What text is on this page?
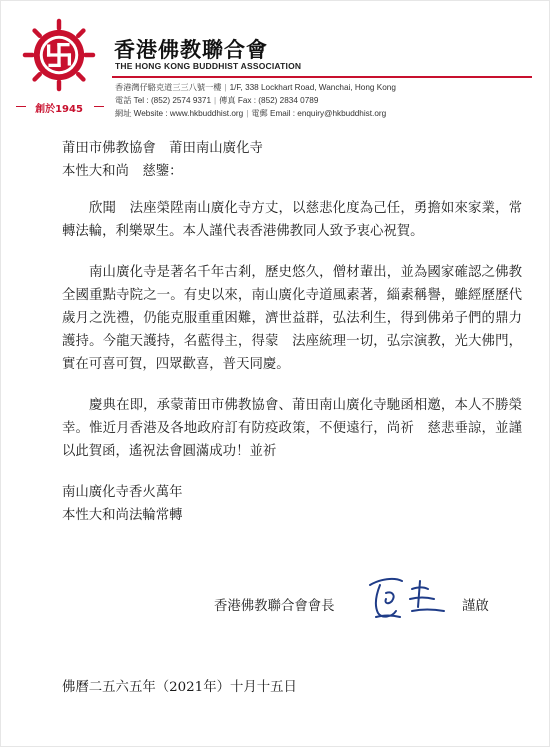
創於1945
香港佛教聯合會
THE HONG KONG BUDDHIST ASSOCIATION
香港灣仔駱克道三三八號一樓 | 1/F, 338 Lockhart Road, Wanchai, Hong Kong
電話 Tel : (852) 2574 9371 | 傳真 Fax : (852) 2834 0789
網址 Website : www.hkbuddhist.org | 電郵 Email : enquiry@hkbuddhist.org

莆田市佛教協會　莆田南山廣化寺

本性大和尚　慈鑒：

欣聞　法座榮陞南山廣化寺方丈，以慈悲化度為己任，勇擔如來家業，常轉法輪，利樂眾生。本人謹代表香港佛教同人致予衷心祝賀。

南山廣化寺是著名千年古剎，歷史悠久，僧材輩出，並為國家確認之佛教全國重點寺院之一。有史以來，南山廣化寺道風素著，緇素稱譽，雖經歷歷代歲月之洗禮，仍能克服重重困難，濟世益群，弘法利生，得到佛弟子們的鼎力護持。今龍天護持，名藍得主，得蒙　法座統理一切，弘宗演教，光大佛門，實在可喜可賀，四眾歡喜，普天同慶。

慶典在即，承蒙莆田市佛教協會、莆田南山廣化寺馳函相邀，本人不勝榮幸。惟近月香港及各地政府訂有防疫政策，不便遠行，尚祈　慈悲垂諒，並謹以此賀函，遙祝法會圓滿成功！並祈

南山廣化寺香火萬年

本性大和尚法輪常轉

香港佛教聯合會會長	謹啟
佛曆二五六五年（2021年）十月十五日
